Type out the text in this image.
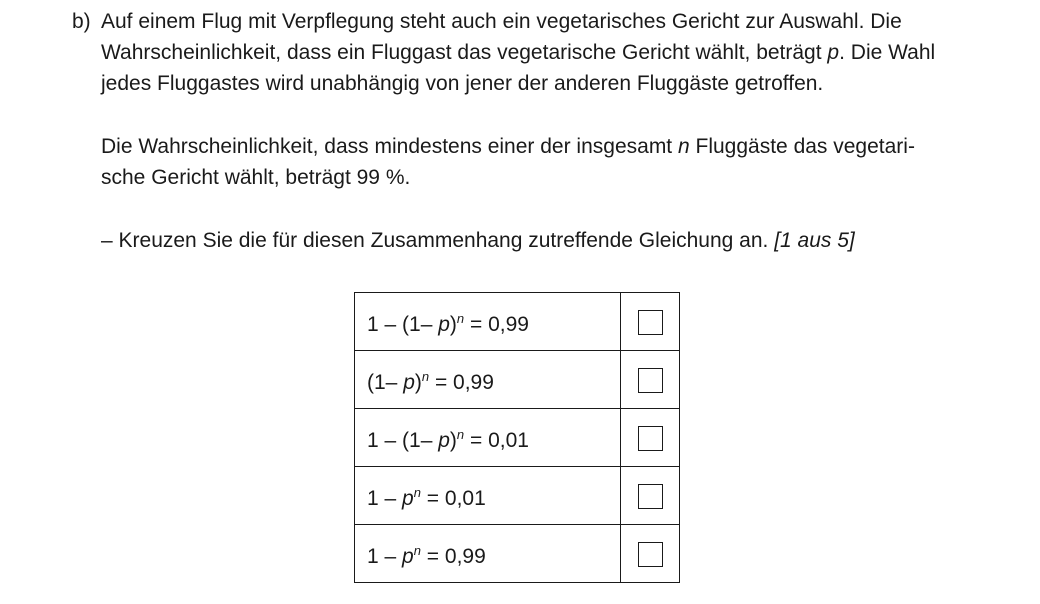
b) Auf einem Flug mit Verpflegung steht auch ein vegetarisches Gericht zur Auswahl. Die
Wahrscheinlichkeit, dass ein Fluggast das vegetarische Gericht wählt, beträgt p. Die Wahl
jedes Fluggastes wird unabhängig von jener der anderen Fluggäste getroffen.
Die Wahrscheinlichkeit, dass mindestens einer der insgesamt n Fluggäste das vegetari-
sche Gericht wählt, beträgt 99 %.
– Kreuzen Sie die für diesen Zusammenhang zutreffende Gleichung an. [1 aus 5]
1 – (1– p)$^n$ = 0,99	
(1– p)$^n$ = 0,99	
1 – (1– p)$^n$ = 0,01	
$1 - p^n = 0,01$	
$1 - p^n = 0,99$	
